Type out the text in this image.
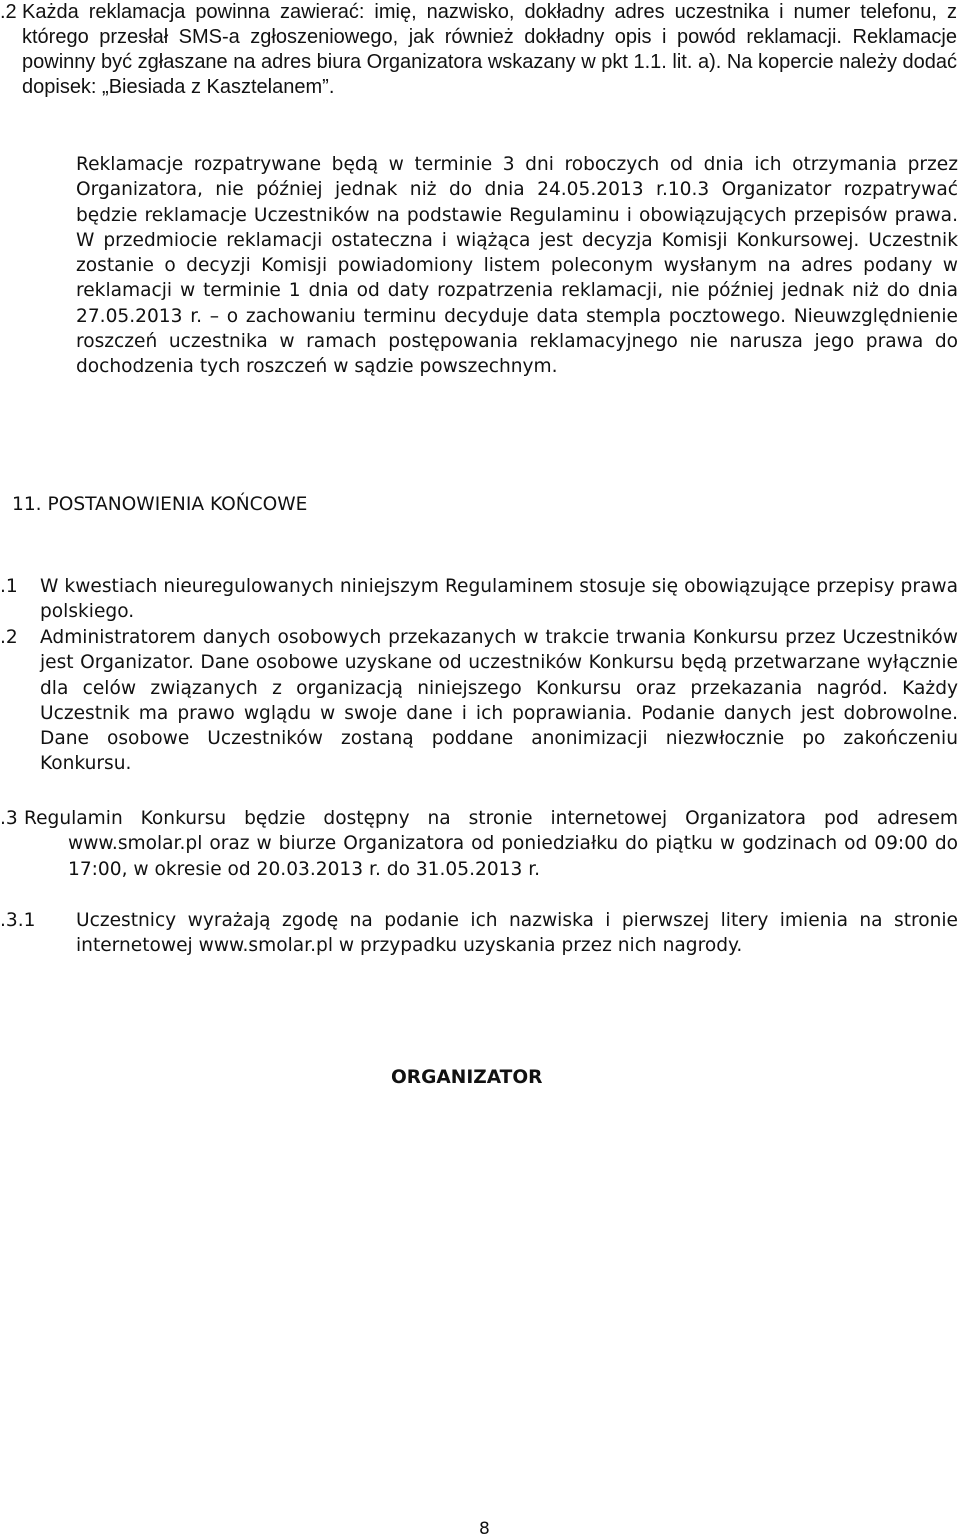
.2 Każda reklamacja powinna zawierać: imię, nazwisko, dokładny adres uczestnika i numer telefonu, z którego przesłał SMS-a zgłoszeniowego, jak również dokładny opis i powód reklamacji. Reklamacje powinny być zgłaszane na adres biura Organizatora wskazany w pkt 1.1. lit. a). Na kopercie należy dodać dopisek: „Biesiada z Kasztelanem”.

Reklamacje rozpatrywane będą w terminie 3 dni roboczych od dnia ich otrzymania przez Organizatora, nie później jednak niż do dnia 24.05.2013 r.10.3 Organizator rozpatrywać będzie reklamacje Uczestników na podstawie Regulaminu i obowiązujących przepisów prawa. W przedmiocie reklamacji ostateczna i wiążąca jest decyzja Komisji Konkursowej. Uczestnik zostanie o decyzji Komisji powiadomiony listem poleconym wysłanym na adres podany w reklamacji w terminie 1 dnia od daty rozpatrzenia reklamacji, nie później jednak niż do dnia 27.05.2013 r. – o zachowaniu terminu decyduje data stempla pocztowego. Nieuwzględnienie roszczeń uczestnika w ramach postępowania reklamacyjnego nie narusza jego prawa do dochodzenia tych roszczeń w sądzie powszechnym.

11. POSTANOWIENIA KOŃCOWE
.1 W kwestiach nieuregulowanych niniejszym Regulaminem stosuje się obowiązujące przepisy prawa polskiego.

.2 Administratorem danych osobowych przekazanych w trakcie trwania Konkursu przez Uczestników jest Organizator. Dane osobowe uzyskane od uczestników Konkursu będą przetwarzane wyłącznie dla celów związanych z organizacją niniejszego Konkursu oraz przekazania nagród. Każdy Uczestnik ma prawo wglądu w swoje dane i ich poprawiania. Podanie danych jest dobrowolne. Dane osobowe Uczestników zostaną poddane anonimizacji niezwłocznie po zakończeniu Konkursu.

.3 Regulamin Konkursu będzie dostępny na stronie internetowej Organizatora pod adresem www.smolar.pl oraz w biurze Organizatora od poniedziałku do piątku w godzinach od 09:00 do 17:00, w okresie od 20.03.2013 r. do 31.05.2013 r.

.3.1 Uczestnicy wyrażają zgodę na podanie ich nazwiska i pierwszej litery imienia na stronie internetowej www.smolar.pl w przypadku uzyskania przez nich nagrody.

ORGANIZATOR

8
